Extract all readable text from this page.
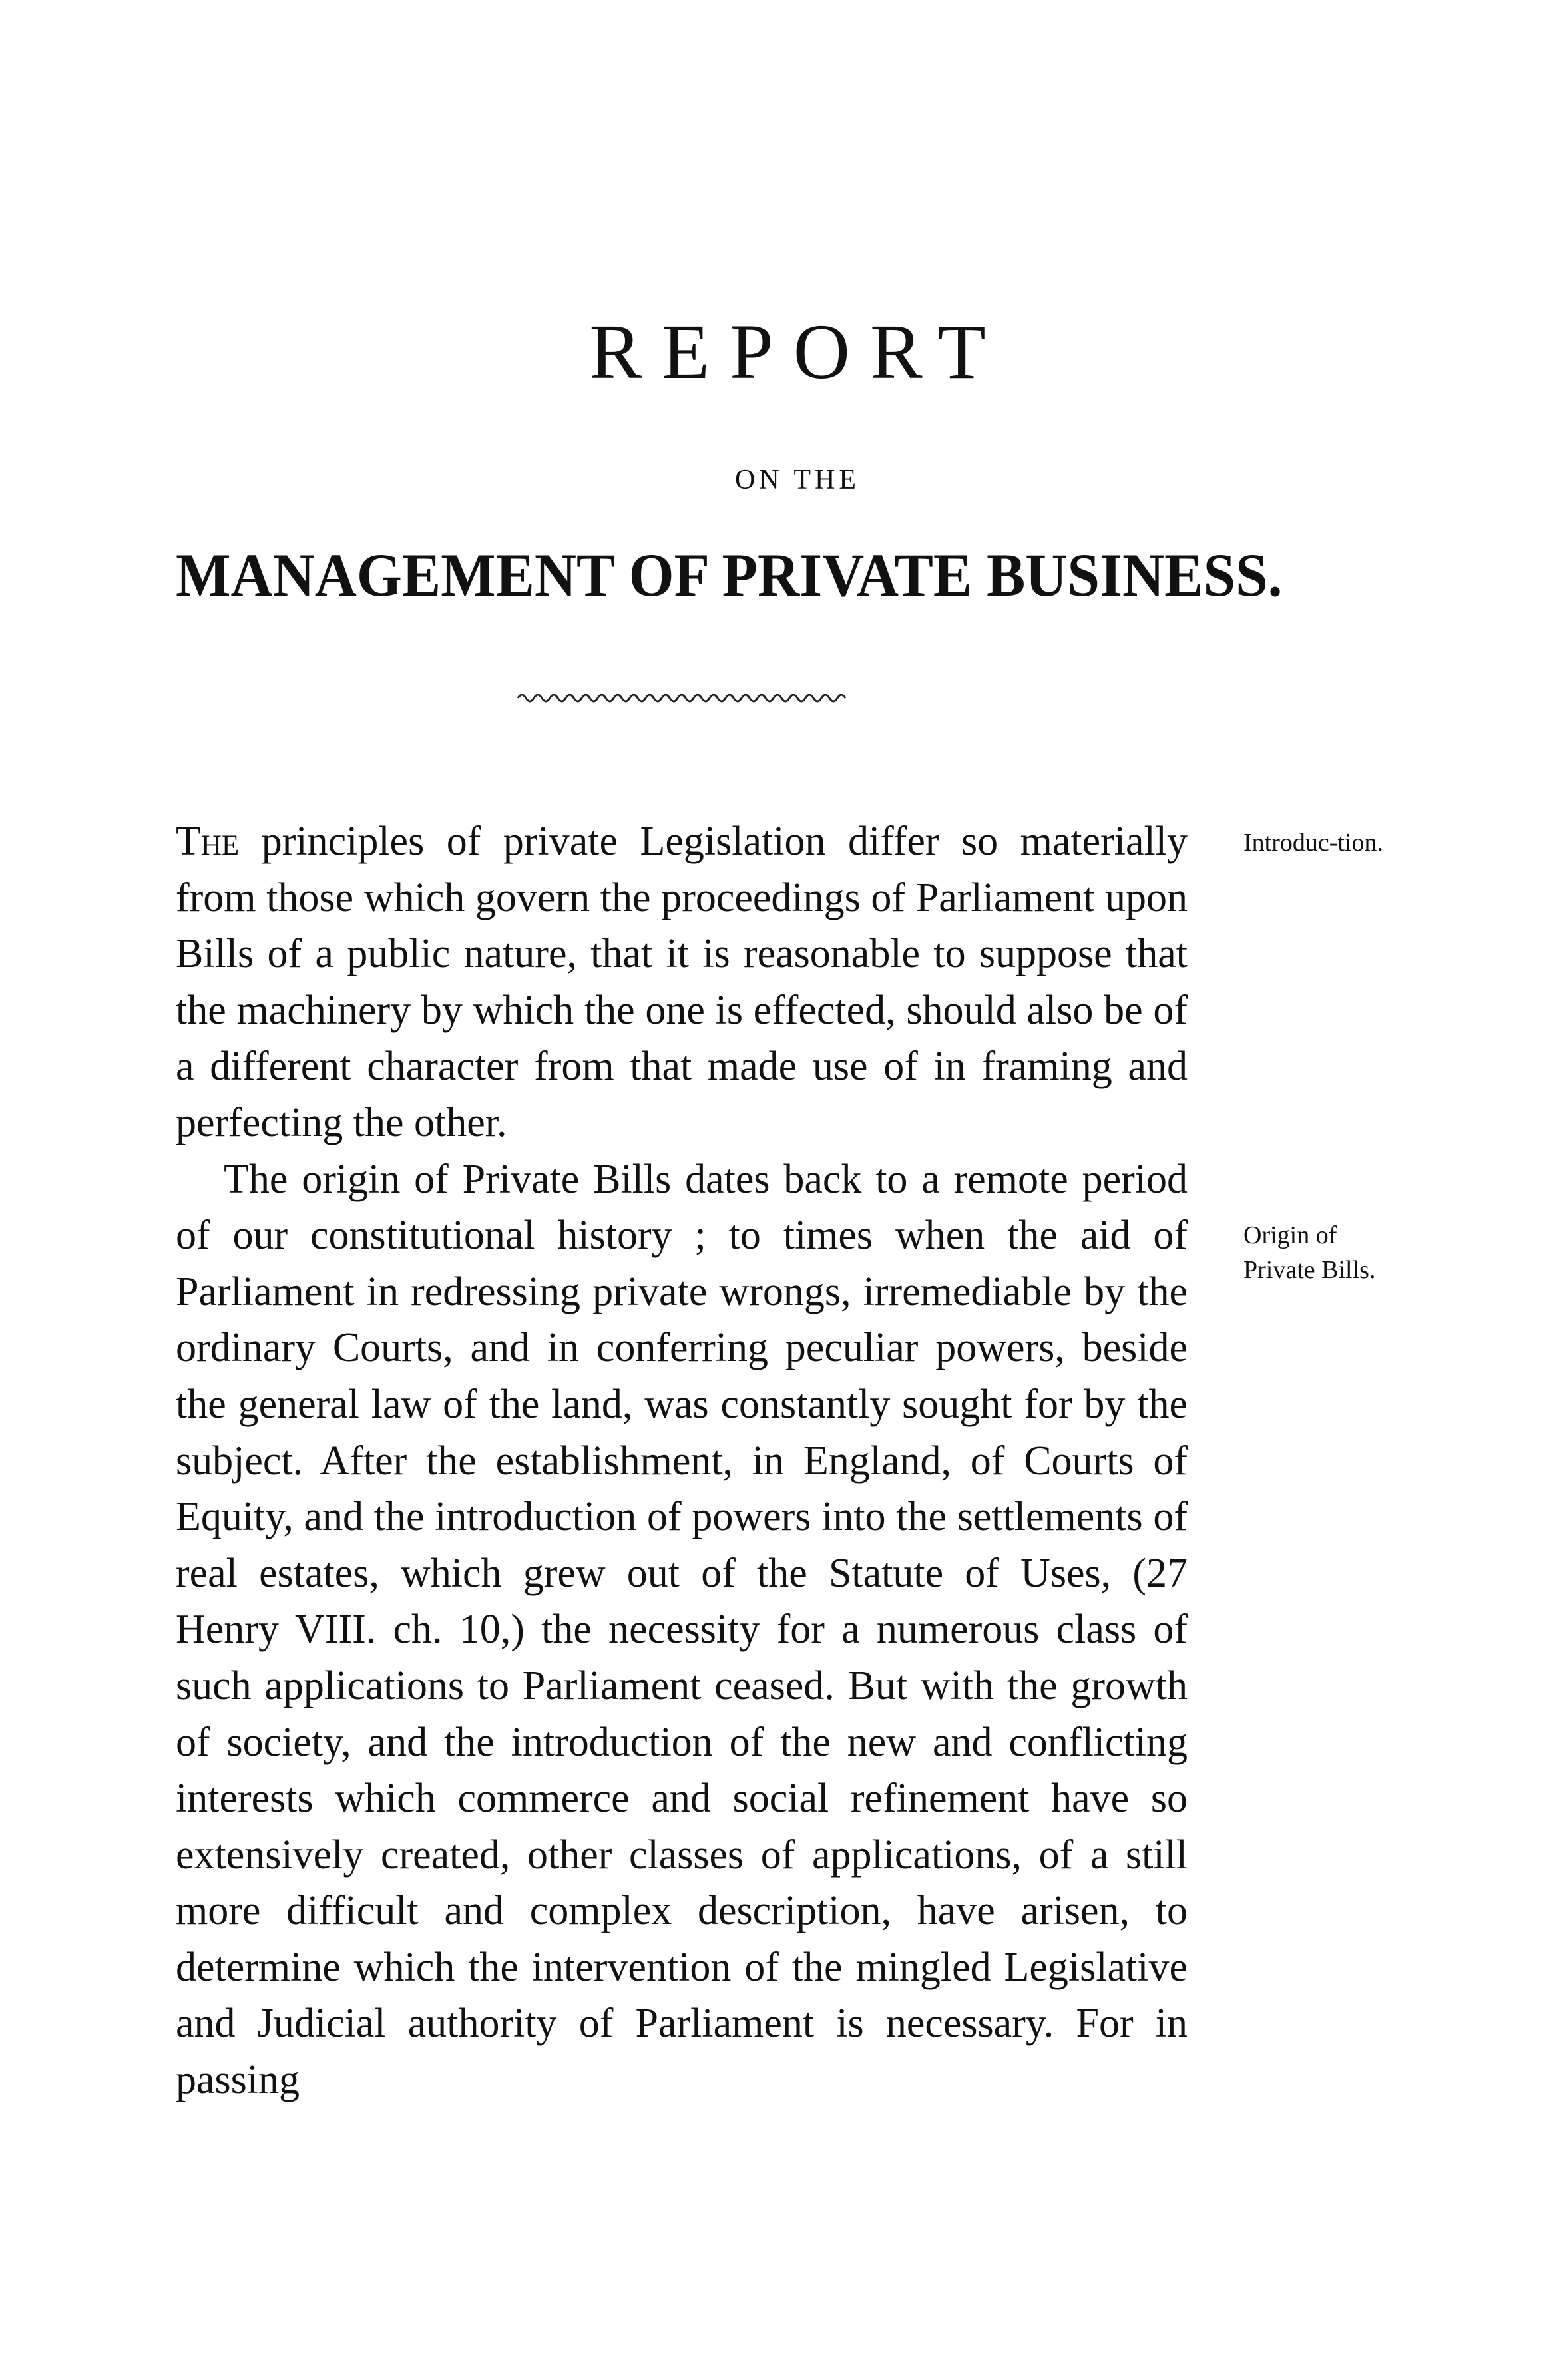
REPORT
ON THE
MANAGEMENT OF PRIVATE BUSINESS.

The principles of private Legislation differ so materially from those which govern the proceedings of Parliament upon Bills of a public nature, that it is reasonable to suppose that the machinery by which the one is effected, should also be of a different character from that made use of in framing and perfecting the other.

The origin of Private Bills dates back to a remote period of our constitutional history ; to times when the aid of Parliament in redressing private wrongs, irremediable by the ordinary Courts, and in conferring peculiar powers, beside the general law of the land, was constantly sought for by the subject. After the establishment, in England, of Courts of Equity, and the introduction of powers into the settlements of real estates, which grew out of the Statute of Uses, (27 Henry VIII. ch. 10,) the necessity for a numerous class of such applications to Parliament ceased. But with the growth of society, and the introduction of the new and conflicting interests which commerce and social refinement have so extensively created, other classes of applications, of a still more difficult and complex description, have arisen, to determine which the intervention of the mingled Legislative and Judicial authority of Parliament is necessary. For in passing

Introduc-tion.
Origin of Private Bills.
